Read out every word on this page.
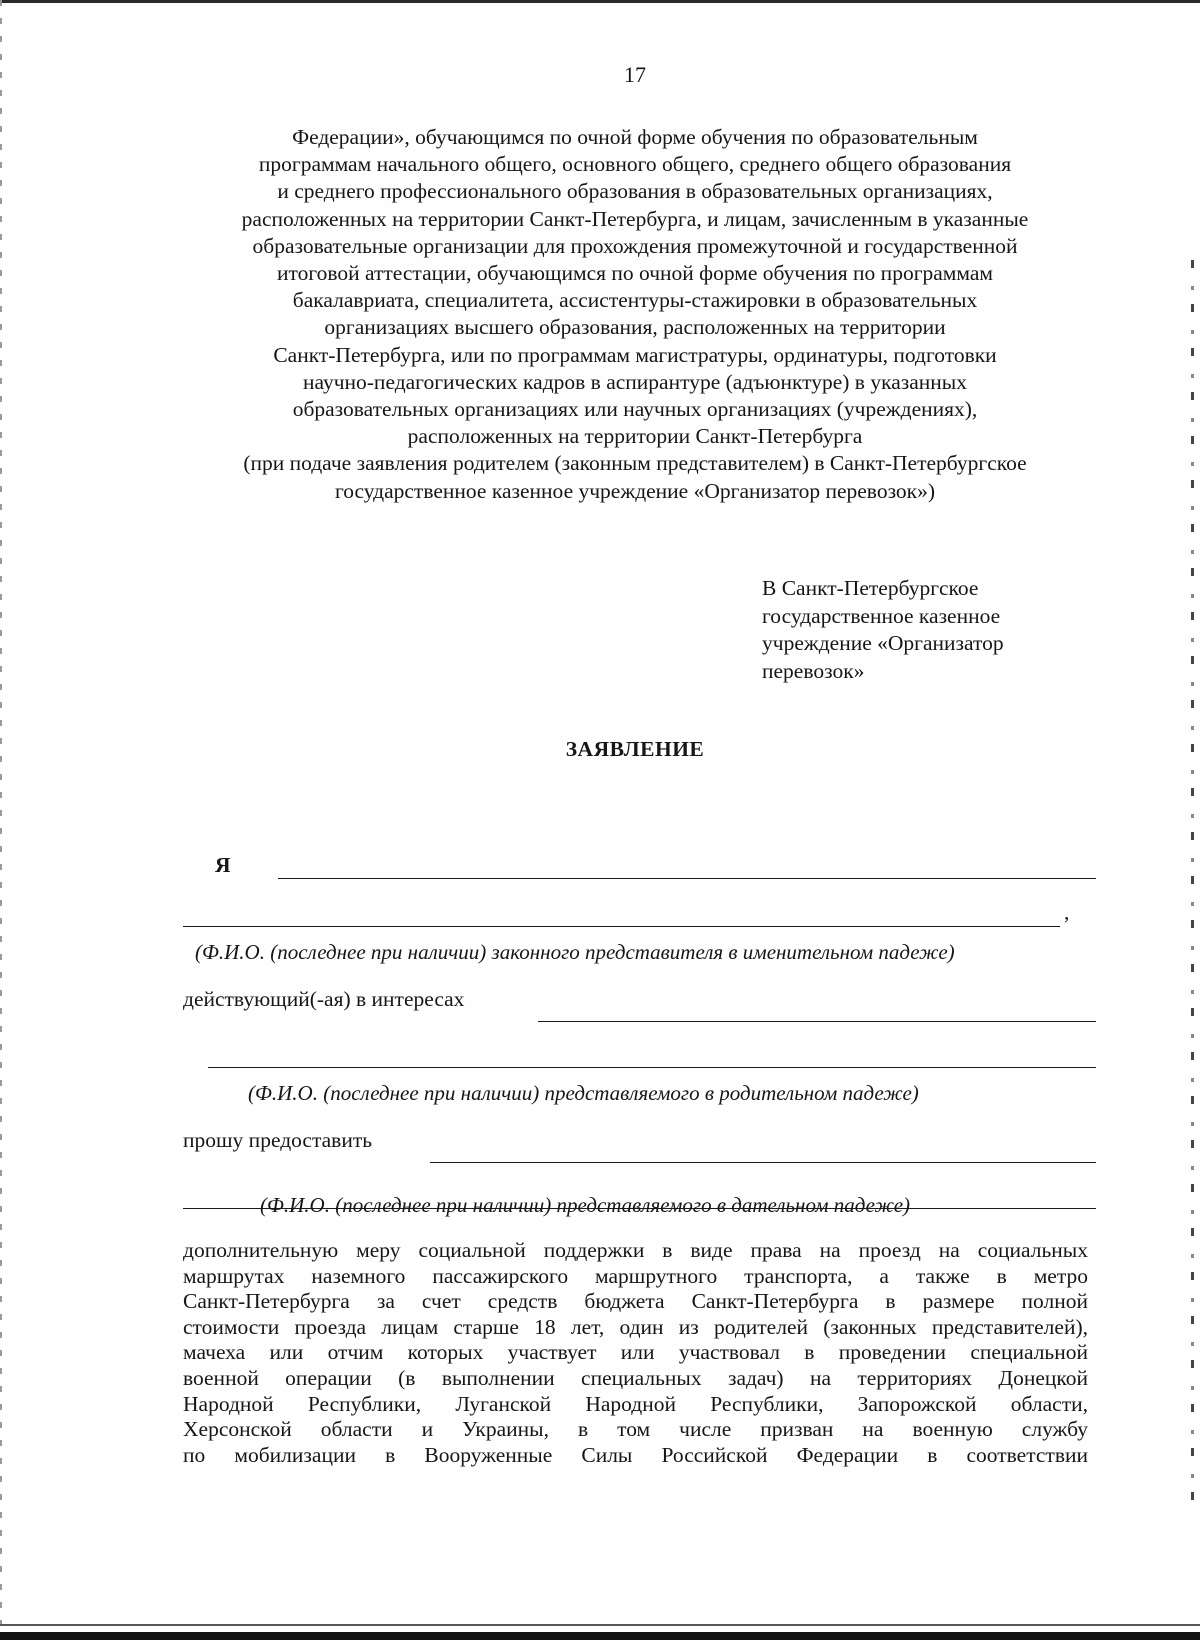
17
Федерации», обучающимся по очной форме обучения по образовательным
программам начального общего, основного общего, среднего общего образования
и среднего профессионального образования в образовательных организациях,
расположенных на территории Санкт-Петербурга, и лицам, зачисленным в указанные
образовательные организации для прохождения промежуточной и государственной
итоговой аттестации, обучающимся по очной форме обучения по программам
бакалавриата, специалитета, ассистентуры-стажировки в образовательных
организациях высшего образования, расположенных на территории
Санкт-Петербурга, или по программам магистратуры, ординатуры, подготовки
научно-педагогических кадров в аспирантуре (адъюнктуре) в указанных
образовательных организациях или научных организациях (учреждениях),
расположенных на территории Санкт-Петербурга
(при подаче заявления родителем (законным представителем) в Санкт-Петербургское
государственное казенное учреждение «Организатор перевозок»)
В Санкт-Петербургское
государственное казенное
учреждение «Организатор
перевозок»
ЗАЯВЛЕНИЕ
Я
,
(Ф.И.О. (последнее при наличии) законного представителя в именительном падеже)
действующий(-ая) в интересах
(Ф.И.О. (последнее при наличии) представляемого в родительном падеже)
прошу предоставить
(Ф.И.О. (последнее при наличии) представляемого в дательном падеже)
дополнительную меру социальной поддержки в виде права на проезд на социальных
маршрутах наземного пассажирского маршрутного транспорта, а также в метро
Санкт-Петербурга за счет средств бюджета Санкт-Петербурга в размере полной
стоимости проезда лицам старше 18 лет, один из родителей (законных представителей),
мачеха или отчим которых участвует или участвовал в проведении специальной
военной операции (в выполнении специальных задач) на территориях Донецкой
Народной Республики, Луганской Народной Республики, Запорожской области,
Херсонской области и Украины, в том числе призван на военную службу
по мобилизации в Вооруженные Силы Российской Федерации в соответствии
